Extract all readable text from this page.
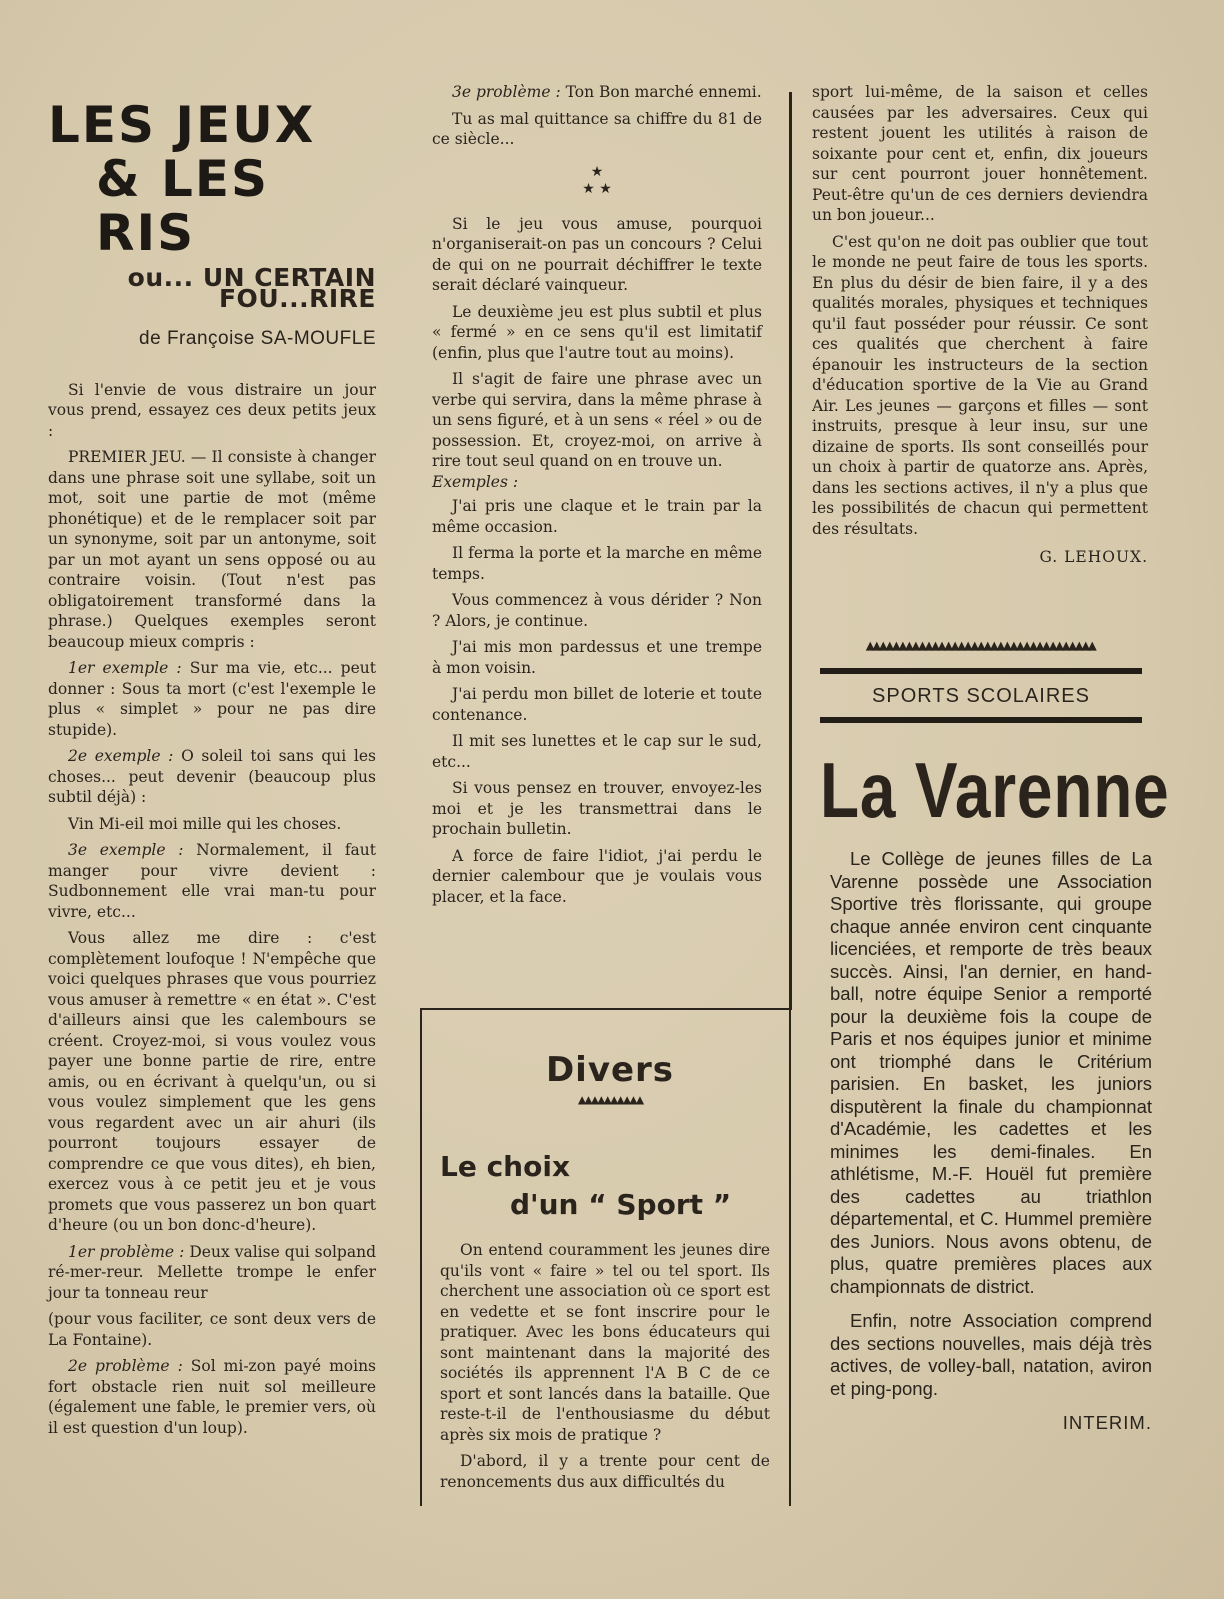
LES JEUX
& LES RIS
ou... UN CERTAIN FOU...RIRE
de Françoise SA-MOUFLE

Si l'envie de vous distraire un jour vous prend, essayez ces deux petits jeux :

PREMIER JEU. — Il consiste à changer dans une phrase soit une syllabe, soit un mot, soit une partie de mot (même phonétique) et de le remplacer soit par un synonyme, soit par un antonyme, soit par un mot ayant un sens opposé ou au contraire voisin. (Tout n'est pas obligatoirement transformé dans la phrase.) Quelques exemples seront beaucoup mieux compris :

1er exemple : Sur ma vie, etc... peut donner : Sous ta mort (c'est l'exemple le plus « simplet » pour ne pas dire stupide).

2e exemple : O soleil toi sans qui les choses... peut devenir (beaucoup plus subtil déjà) :

Vin Mi-eil moi mille qui les choses.

3e exemple : Normalement, il faut manger pour vivre devient : Sudbonnement elle vrai man-tu pour vivre, etc...

Vous allez me dire : c'est complètement loufoque ! N'empêche que voici quelques phrases que vous pourriez vous amuser à remettre « en état ». C'est d'ailleurs ainsi que les calembours se créent. Croyez-moi, si vous voulez vous payer une bonne partie de rire, entre amis, ou en écrivant à quelqu'un, ou si vous voulez simplement que les gens vous regardent avec un air ahuri (ils pourront toujours essayer de comprendre ce que vous dites), eh bien, exercez vous à ce petit jeu et je vous promets que vous passerez un bon quart d'heure (ou un bon donc-d'heure).

1er problème : Deux valise qui solpand ré-mer-reur. Mellette trompe le enfer jour ta tonneau reur

(pour vous faciliter, ce sont deux vers de La Fontaine).

2e problème : Sol mi-zon payé moins fort obstacle rien nuit sol meilleure (également une fable, le premier vers, où il est question d'un loup).

3e problème : Ton Bon marché ennemi.

Tu as mal quittance sa chiffre du 81 de ce siècle...

★
★ ★

Si le jeu vous amuse, pourquoi n'organiserait-on pas un concours ? Celui de qui on ne pourrait déchiffrer le texte serait déclaré vainqueur.

Le deuxième jeu est plus subtil et plus « fermé » en ce sens qu'il est limitatif (enfin, plus que l'autre tout au moins).

Il s'agit de faire une phrase avec un verbe qui servira, dans la même phrase à un sens figuré, et à un sens « réel » ou de possession. Et, croyez-moi, on arrive à rire tout seul quand on en trouve un.

Exemples :

J'ai pris une claque et le train par la même occasion.

Il ferma la porte et la marche en même temps.

Vous commencez à vous dérider ? Non ? Alors, je continue.

J'ai mis mon pardessus et une trempe à mon voisin.

J'ai perdu mon billet de loterie et toute contenance.

Il mit ses lunettes et le cap sur le sud, etc...

Si vous pensez en trouver, envoyez-les moi et je les transmettrai dans le prochain bulletin.

A force de faire l'idiot, j'ai perdu le dernier calembour que je voulais vous placer, et la face.

Divers
▲▲▲▲▲▲▲▲▲▲
Le choix
d'un “ Sport ”

On entend couramment les jeunes dire qu'ils vont « faire » tel ou tel sport. Ils cherchent une association où ce sport est en vedette et se font inscrire pour le pratiquer. Avec les bons éducateurs qui sont maintenant dans la majorité des sociétés ils apprennent l'A B C de ce sport et sont lancés dans la bataille. Que reste-t-il de l'enthousiasme du début après six mois de pratique ?

D'abord, il y a trente pour cent de renoncements dus aux difficultés du

sport lui-même, de la saison et celles causées par les adversaires. Ceux qui restent jouent les utilités à raison de soixante pour cent et, enfin, dix joueurs sur cent pourront jouer honnêtement. Peut-être qu'un de ces derniers deviendra un bon joueur...

C'est qu'on ne doit pas oublier que tout le monde ne peut faire de tous les sports. En plus du désir de bien faire, il y a des qualités morales, physiques et techniques qu'il faut posséder pour réussir. Ce sont ces qualités que cherchent à faire épanouir les instructeurs de la section d'éducation sportive de la Vie au Grand Air. Les jeunes — garçons et filles — sont instruits, presque à leur insu, sur une dizaine de sports. Ils sont conseillés pour un choix à partir de quatorze ans. Après, dans les sections actives, il n'y a plus que les possibilités de chacun qui permettent des résultats.

G. LEHOUX.

▲▲▲▲▲▲▲▲▲▲▲▲▲▲▲▲▲▲▲▲▲▲▲▲▲▲▲▲▲▲▲▲▲▲▲
SPORTS SCOLAIRES
La Varenne

Le Collège de jeunes filles de La Varenne possède une Association Sportive très florissante, qui groupe chaque année environ cent cinquante licenciées, et remporte de très beaux succès. Ainsi, l'an dernier, en hand-ball, notre équipe Senior a remporté pour la deuxième fois la coupe de Paris et nos équipes junior et minime ont triomphé dans le Critérium parisien. En basket, les juniors disputèrent la finale du championnat d'Académie, les cadettes et les minimes les demi-finales. En athlétisme, M.-F. Houël fut première des cadettes au triathlon départemental, et C. Hummel première des Juniors. Nous avons obtenu, de plus, quatre premières places aux championnats de district.

Enfin, notre Association comprend des sections nouvelles, mais déjà très actives, de volley-ball, natation, aviron et ping-pong.

INTERIM.
